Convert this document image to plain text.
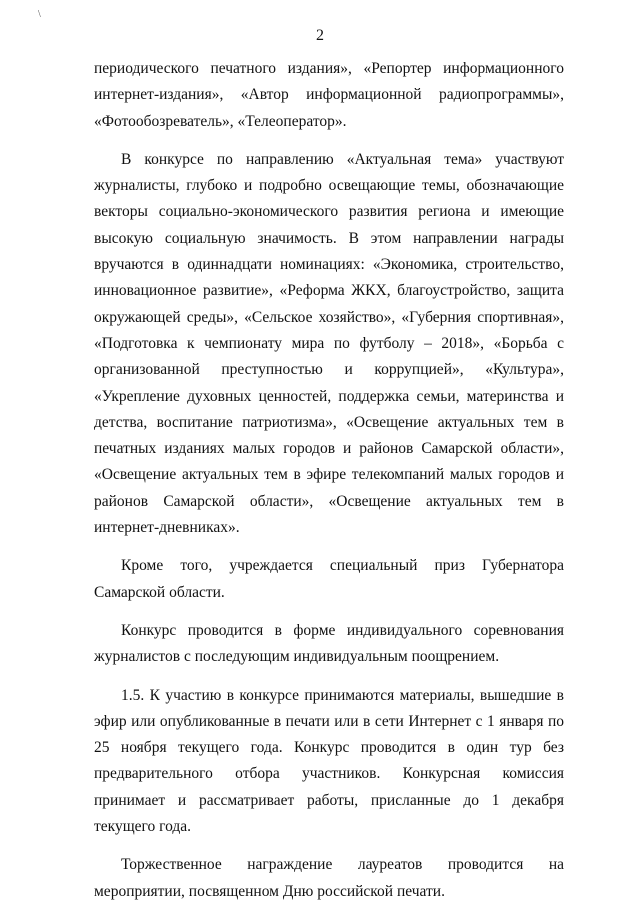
\
2

периодического печатного издания», «Репортер информационного интернет-издания», «Автор информационной радиопрограммы», «Фотообозреватель», «Телеоператор».

В конкурсе по направлению «Актуальная тема» участвуют журналисты, глубоко и подробно освещающие темы, обозначающие векторы социально-экономического развития региона и имеющие высокую социальную значимость. В этом направлении награды вручаются в одиннадцати номинациях: «Экономика, строительство, инновационное развитие», «Реформа ЖКХ, благоустройство, защита окружающей среды», «Сельское хозяйство», «Губерния спортивная», «Подготовка к чемпионату мира по футболу – 2018», «Борьба с организованной преступностью и коррупцией», «Культура», «Укрепление духовных ценностей, поддержка семьи, материнства и детства, воспитание патриотизма», «Освещение актуальных тем в печатных изданиях малых городов и районов Самарской области», «Освещение актуальных тем в эфире телекомпаний малых городов и районов Самарской области», «Освещение актуальных тем в интернет-дневниках».

Кроме того, учреждается специальный приз Губернатора Самарской области.

Конкурс проводится в форме индивидуального соревнования журналистов с последующим индивидуальным поощрением.

1.5. К участию в конкурсе принимаются материалы, вышедшие в эфир или опубликованные в печати или в сети Интернет с 1 января по 25 ноября текущего года. Конкурс проводится в один тур без предварительного отбора участников. Конкурсная комиссия принимает и рассматривает работы, присланные до 1 декабря текущего года.

Торжественное награждение лауреатов проводится на мероприятии, посвященном Дню российской печати.
